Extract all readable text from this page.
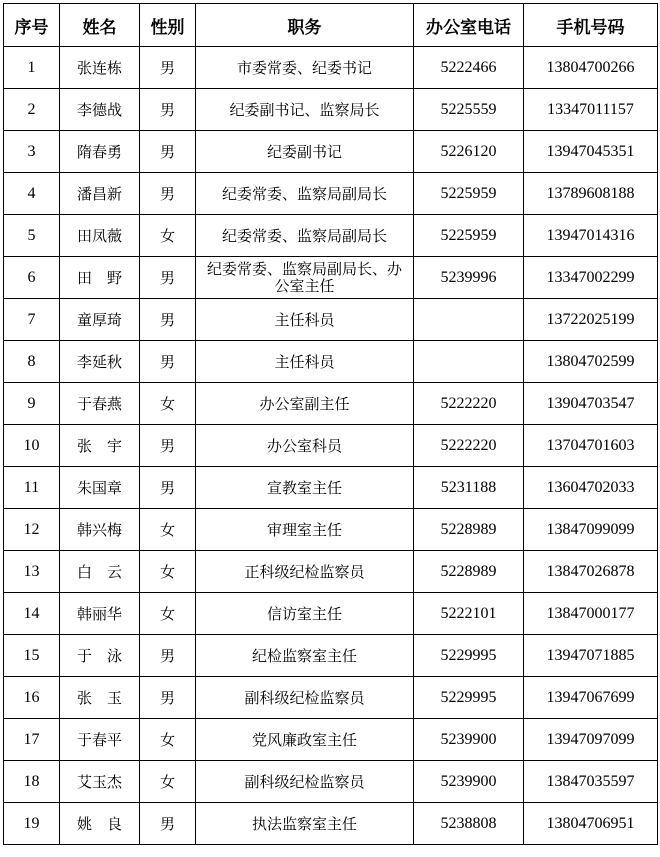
序号	姓名	性别	职务	办公室电话	手机号码
1	张连栋	男	市委常委、纪委书记	5222466	13804700266
2	李德战	男	纪委副书记、监察局长	5225559	13347011157
3	隋春勇	男	纪委副书记	5226120	13947045351
4	潘昌新	男	纪委常委、监察局副局长	5225959	13789608188
5	田凤薇	女	纪委常委、监察局副局长	5225959	13947014316
6	田　野	男	纪委常委、监察局副局长、办公室主任	5239996	13347002299
7	童厚琦	男	主任科员		13722025199
8	李延秋	男	主任科员		13804702599
9	于春燕	女	办公室副主任	5222220	13904703547
10	张　宇	男	办公室科员	5222220	13704701603
11	朱国章	男	宣教室主任	5231188	13604702033
12	韩兴梅	女	审理室主任	5228989	13847099099
13	白　云	女	正科级纪检监察员	5228989	13847026878
14	韩丽华	女	信访室主任	5222101	13847000177
15	于　泳	男	纪检监察室主任	5229995	13947071885
16	张　玉	男	副科级纪检监察员	5229995	13947067699
17	于春平	女	党风廉政室主任	5239900	13947097099
18	艾玉杰	女	副科级纪检监察员	5239900	13847035597
19	姚　良	男	执法监察室主任	5238808	13804706951
